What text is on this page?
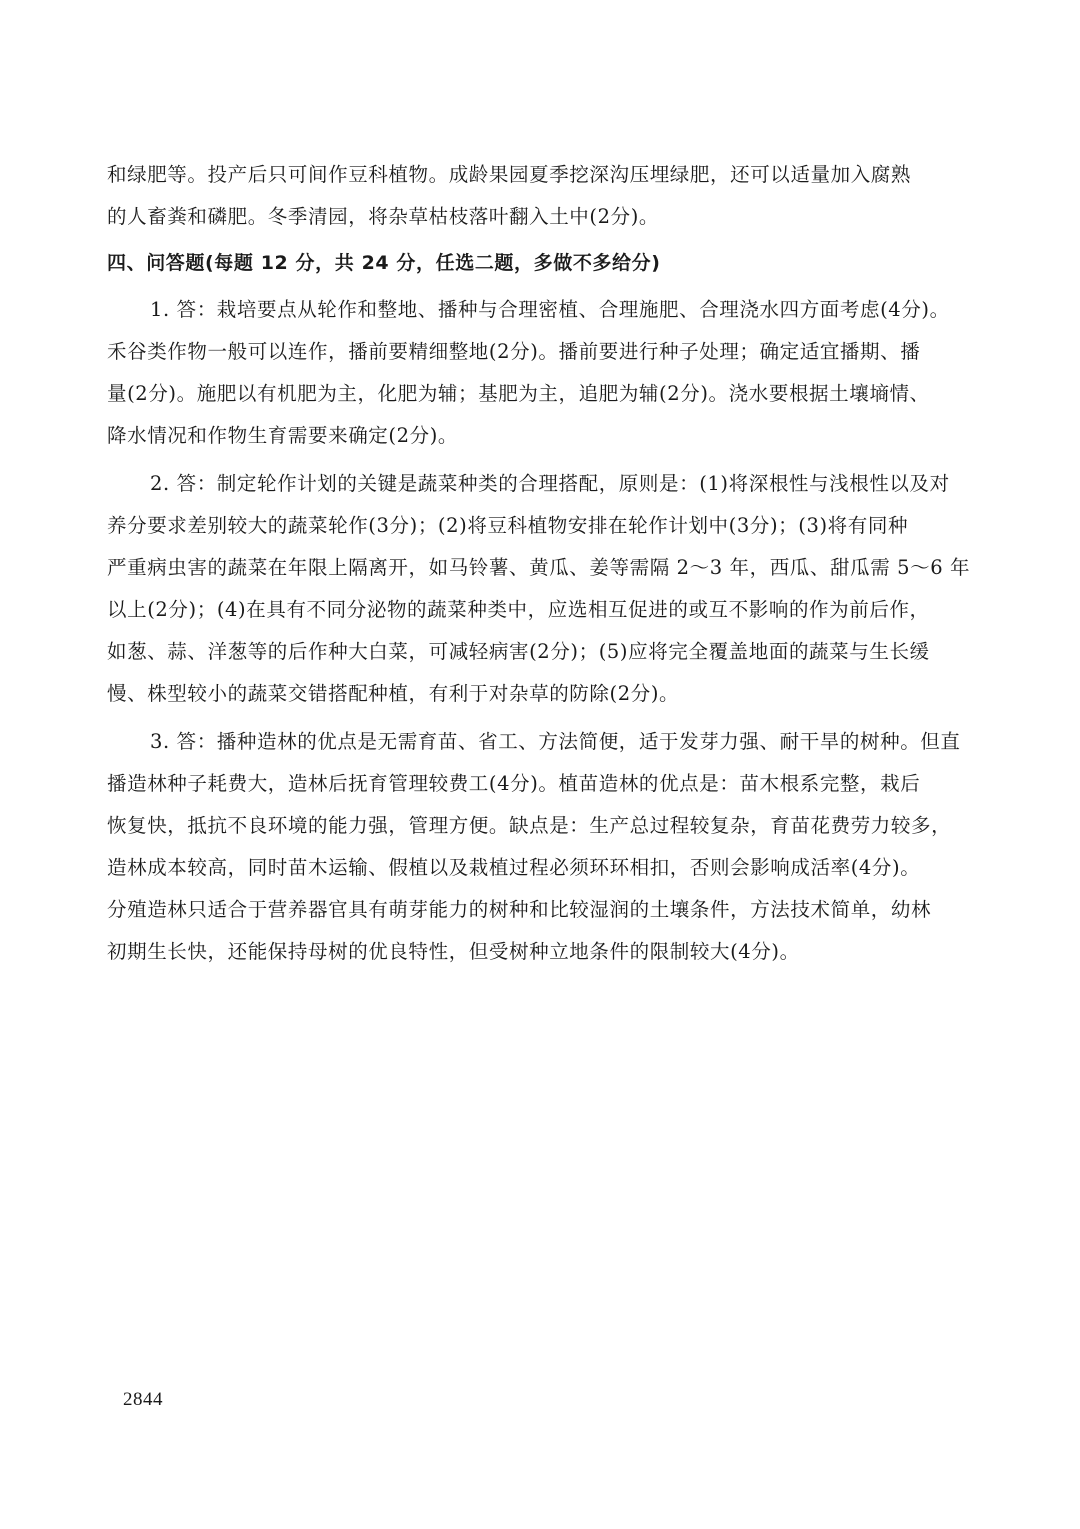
和绿肥等。投产后只可间作豆科植物。成龄果园夏季挖深沟压埋绿肥，还可以适量加入腐熟
的人畜粪和磷肥。冬季清园，将杂草枯枝落叶翻入土中(2分)。
四、问答题(每题 12 分，共 24 分，任选二题，多做不多给分)
1. 答：栽培要点从轮作和整地、播种与合理密植、合理施肥、合理浇水四方面考虑(4分)。
禾谷类作物一般可以连作，播前要精细整地(2分)。播前要进行种子处理；确定适宜播期、播
量(2分)。施肥以有机肥为主，化肥为辅；基肥为主，追肥为辅(2分)。浇水要根据土壤墒情、
降水情况和作物生育需要来确定(2分)。
2. 答：制定轮作计划的关键是蔬菜种类的合理搭配，原则是：(1)将深根性与浅根性以及对
养分要求差别较大的蔬菜轮作(3分)；(2)将豆科植物安排在轮作计划中(3分)；(3)将有同种
严重病虫害的蔬菜在年限上隔离开，如马铃薯、黄瓜、姜等需隔 2～3 年，西瓜、甜瓜需 5～6 年
以上(2分)；(4)在具有不同分泌物的蔬菜种类中，应选相互促进的或互不影响的作为前后作，
如葱、蒜、洋葱等的后作种大白菜，可减轻病害(2分)；(5)应将完全覆盖地面的蔬菜与生长缓
慢、株型较小的蔬菜交错搭配种植，有利于对杂草的防除(2分)。
3. 答：播种造林的优点是无需育苗、省工、方法简便，适于发芽力强、耐干旱的树种。但直
播造林种子耗费大，造林后抚育管理较费工(4分)。植苗造林的优点是：苗木根系完整，栽后
恢复快，抵抗不良环境的能力强，管理方便。缺点是：生产总过程较复杂，育苗花费劳力较多，
造林成本较高，同时苗木运输、假植以及栽植过程必须环环相扣，否则会影响成活率(4分)。
分殖造林只适合于营养器官具有萌芽能力的树种和比较湿润的土壤条件，方法技术简单，幼林
初期生长快，还能保持母树的优良特性，但受树种立地条件的限制较大(4分)。
2844
